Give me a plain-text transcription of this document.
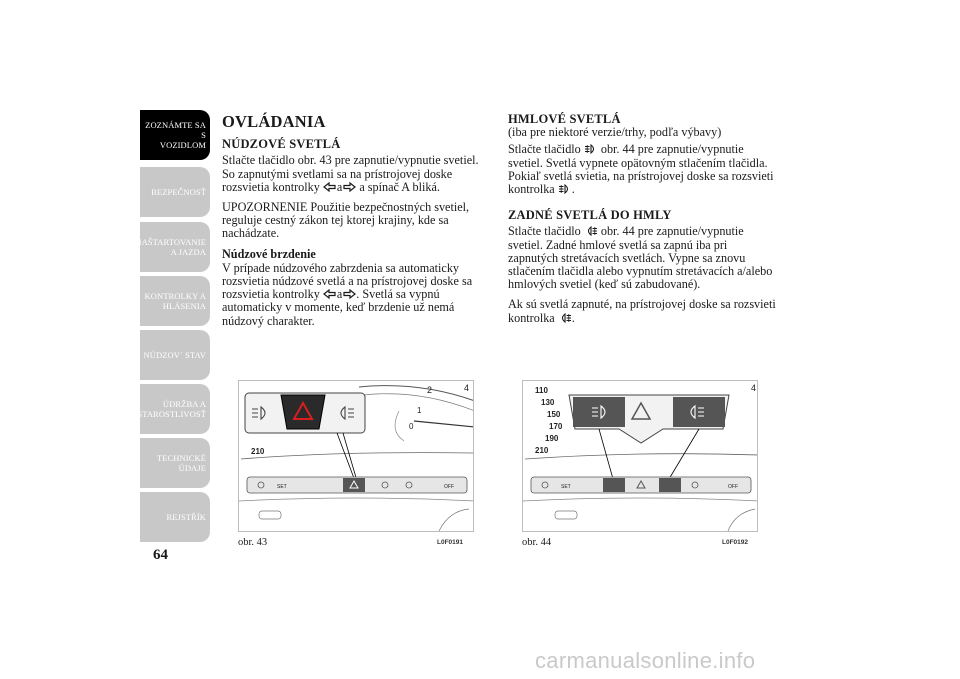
ZOZNÁMTE SA S
VOZIDLOM
BEZPEČNOSŤ
NAŠTARTOVANIE
A JAZDA
KONTROLKY A
HLÁSENIA
NÚDZOV´ STAV
ÚDRŽBA A
STAROSTLIVOSŤ
TECHNICKÉ
ÚDAJE
REJSTŘÍK
64
OVLÁDANIA
NÚDZOVÉ SVETLÁ

Stlačte tlačidlo obr. 43 pre zapnutie/vypnutie svetiel. So zapnutými svetlami sa na prístrojovej doske rozsvietia kontrolky a a spínač A bliká.

UPOZORNENIE Použitie bezpečnostných svetiel, reguluje cestný zákon tej ktorej krajiny, kde sa nachádzate.

Núdzové brzdenie

V prípade núdzového zabrzdenia sa automaticky rozsvietia núdzové svetlá a na prístrojovej doske sa rozsvietia kontrolky a . Svetlá sa vypnú automaticky v momente, keď brzdenie už nemá núdzový charakter.

HMLOVÉ SVETLÁ

(iba pre niektoré verzie/trhy, podľa výbavy)

Stlačte tlačidlo obr. 44 pre zapnutie/vypnutie svetiel. Svetlá vypnete opätovným stlačením tlačidla. Pokiaľ svetlá svietia, na prístrojovej doske sa rozsvieti kontrolka .

ZADNÉ SVETLÁ DO HMLY

Stlačte tlačidlo obr. 44 pre zapnutie/vypnutie svetiel. Zadné hmlové svetlá sa zapnú iba pri zapnutých stretávacích svetlách. Vypne sa znovu stlačením tlačidla alebo vypnutím stretávacích a/alebo hmlových svetiel (keď sú zabudované).

Ak sú svetlá zapnuté, na prístrojovej doske sa rozsvieti kontrolka .

2	4
1
0
210
SET	OFF
obr. 43	L0F0191
110
130
150
170
190
210
4
SET	OFF
obr. 44	L0F0192
carmanualsonline.info
